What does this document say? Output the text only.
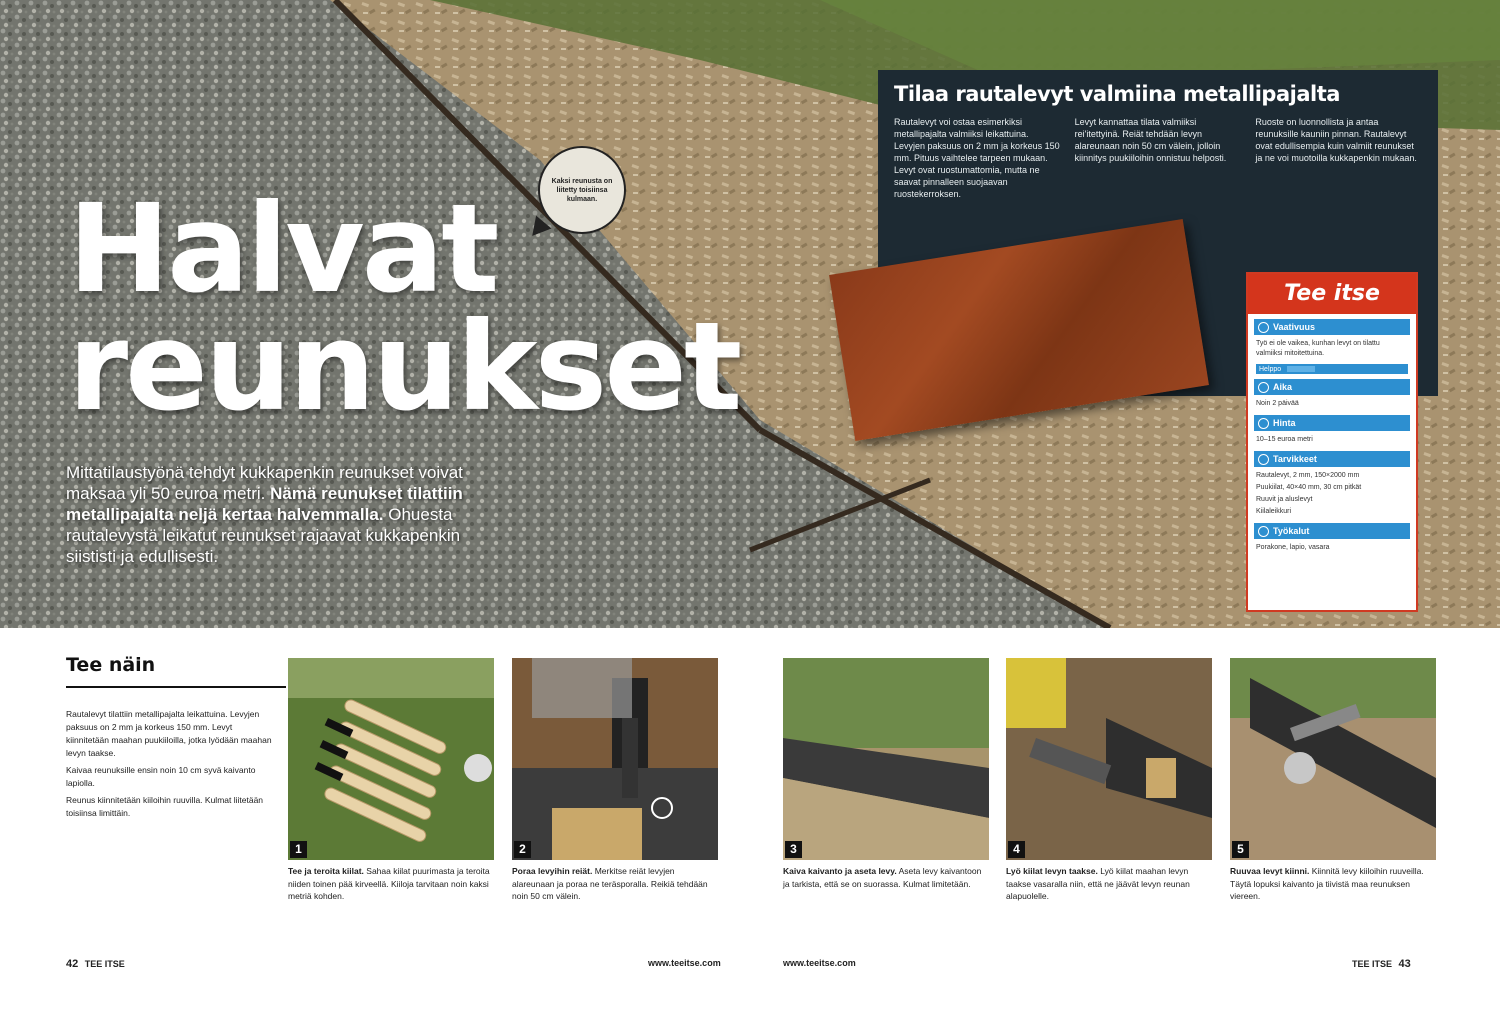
Halvat
reunukset
Mittatilaustyönä tehdyt kukkapenkin reunukset voivat maksaa yli 50 euroa metri. Nämä reunukset tilattiin metallipajalta neljä kertaa halvemmalla. Ohuesta rautalevystä leikatut reunukset rajaavat kukkapenkin siististi ja edullisesti.
Kaksi reunusta on liitetty toisiinsa kulmaan.
Tilaa rautalevyt valmiina metallipajalta
Rautalevyt voi ostaa esimerkiksi metallipajalta valmiiksi leikattuina. Levyjen paksuus on 2 mm ja korkeus 150 mm. Pituus vaihtelee tarpeen mukaan. Levyt ovat ruostumattomia, mutta ne saavat pinnalleen suojaavan ruostekerroksen.
Levyt kannattaa tilata valmiiksi rei'itettyinä. Reiät tehdään levyn alareunaan noin 50 cm välein, jolloin kiinnitys puukiiloihin onnistuu helposti.
Ruoste on luonnollista ja antaa reunuksille kauniin pinnan. Rautalevyt ovat edullisempia kuin valmiit reunukset ja ne voi muotoilla kukkapenkin mukaan.
Tee itse
Vaativuus
Työ ei ole vaikea, kunhan levyt on tilattu valmiiksi mitoitettuina.
Helppo
Aika
Noin 2 päivää
Hinta
10–15 euroa metri
Tarvikkeet
Rautalevyt, 2 mm, 150×2000 mm
Puukiilat, 40×40 mm, 30 cm pitkät
Ruuvit ja aluslevyt
Kiilaleikkuri
Työkalut
Porakone, lapio, vasara
Tee näin

Rautalevyt tilattiin metallipajalta leikattuina. Levyjen paksuus on 2 mm ja korkeus 150 mm. Levyt kiinnitetään maahan puukiiloilla, jotka lyödään maahan levyn taakse.

Kaivaa reunuksille ensin noin 10 cm syvä kaivanto lapiolla.

Reunus kiinnitetään kiiloihin ruuvilla. Kulmat liitetään toisiinsa limittäin.

1
Tee ja teroita kiilat. Sahaa kiilat puurimasta ja teroita niiden toinen pää kirveellä. Kiiloja tarvitaan noin kaksi metriä kohden.
2
Poraa levyihin reiät. Merkitse reiät levyjen alareunaan ja poraa ne teräsporalla. Reikiä tehdään noin 50 cm välein.
3
Kaiva kaivanto ja aseta levy. Aseta levy kaivantoon ja tarkista, että se on suorassa. Kulmat limitetään.
4
Lyö kiilat levyn taakse. Lyö kiilat maahan levyn taakse vasaralla niin, että ne jäävät levyn reunan alapuolelle.
5
Ruuvaa levyt kiinni. Kiinnitä levy kiiloihin ruuveilla. Täytä lopuksi kaivanto ja tiivistä maa reunuksen viereen.
42 TEE ITSE	www.teeitse.com	www.teeitse.com	TEE ITSE 43
